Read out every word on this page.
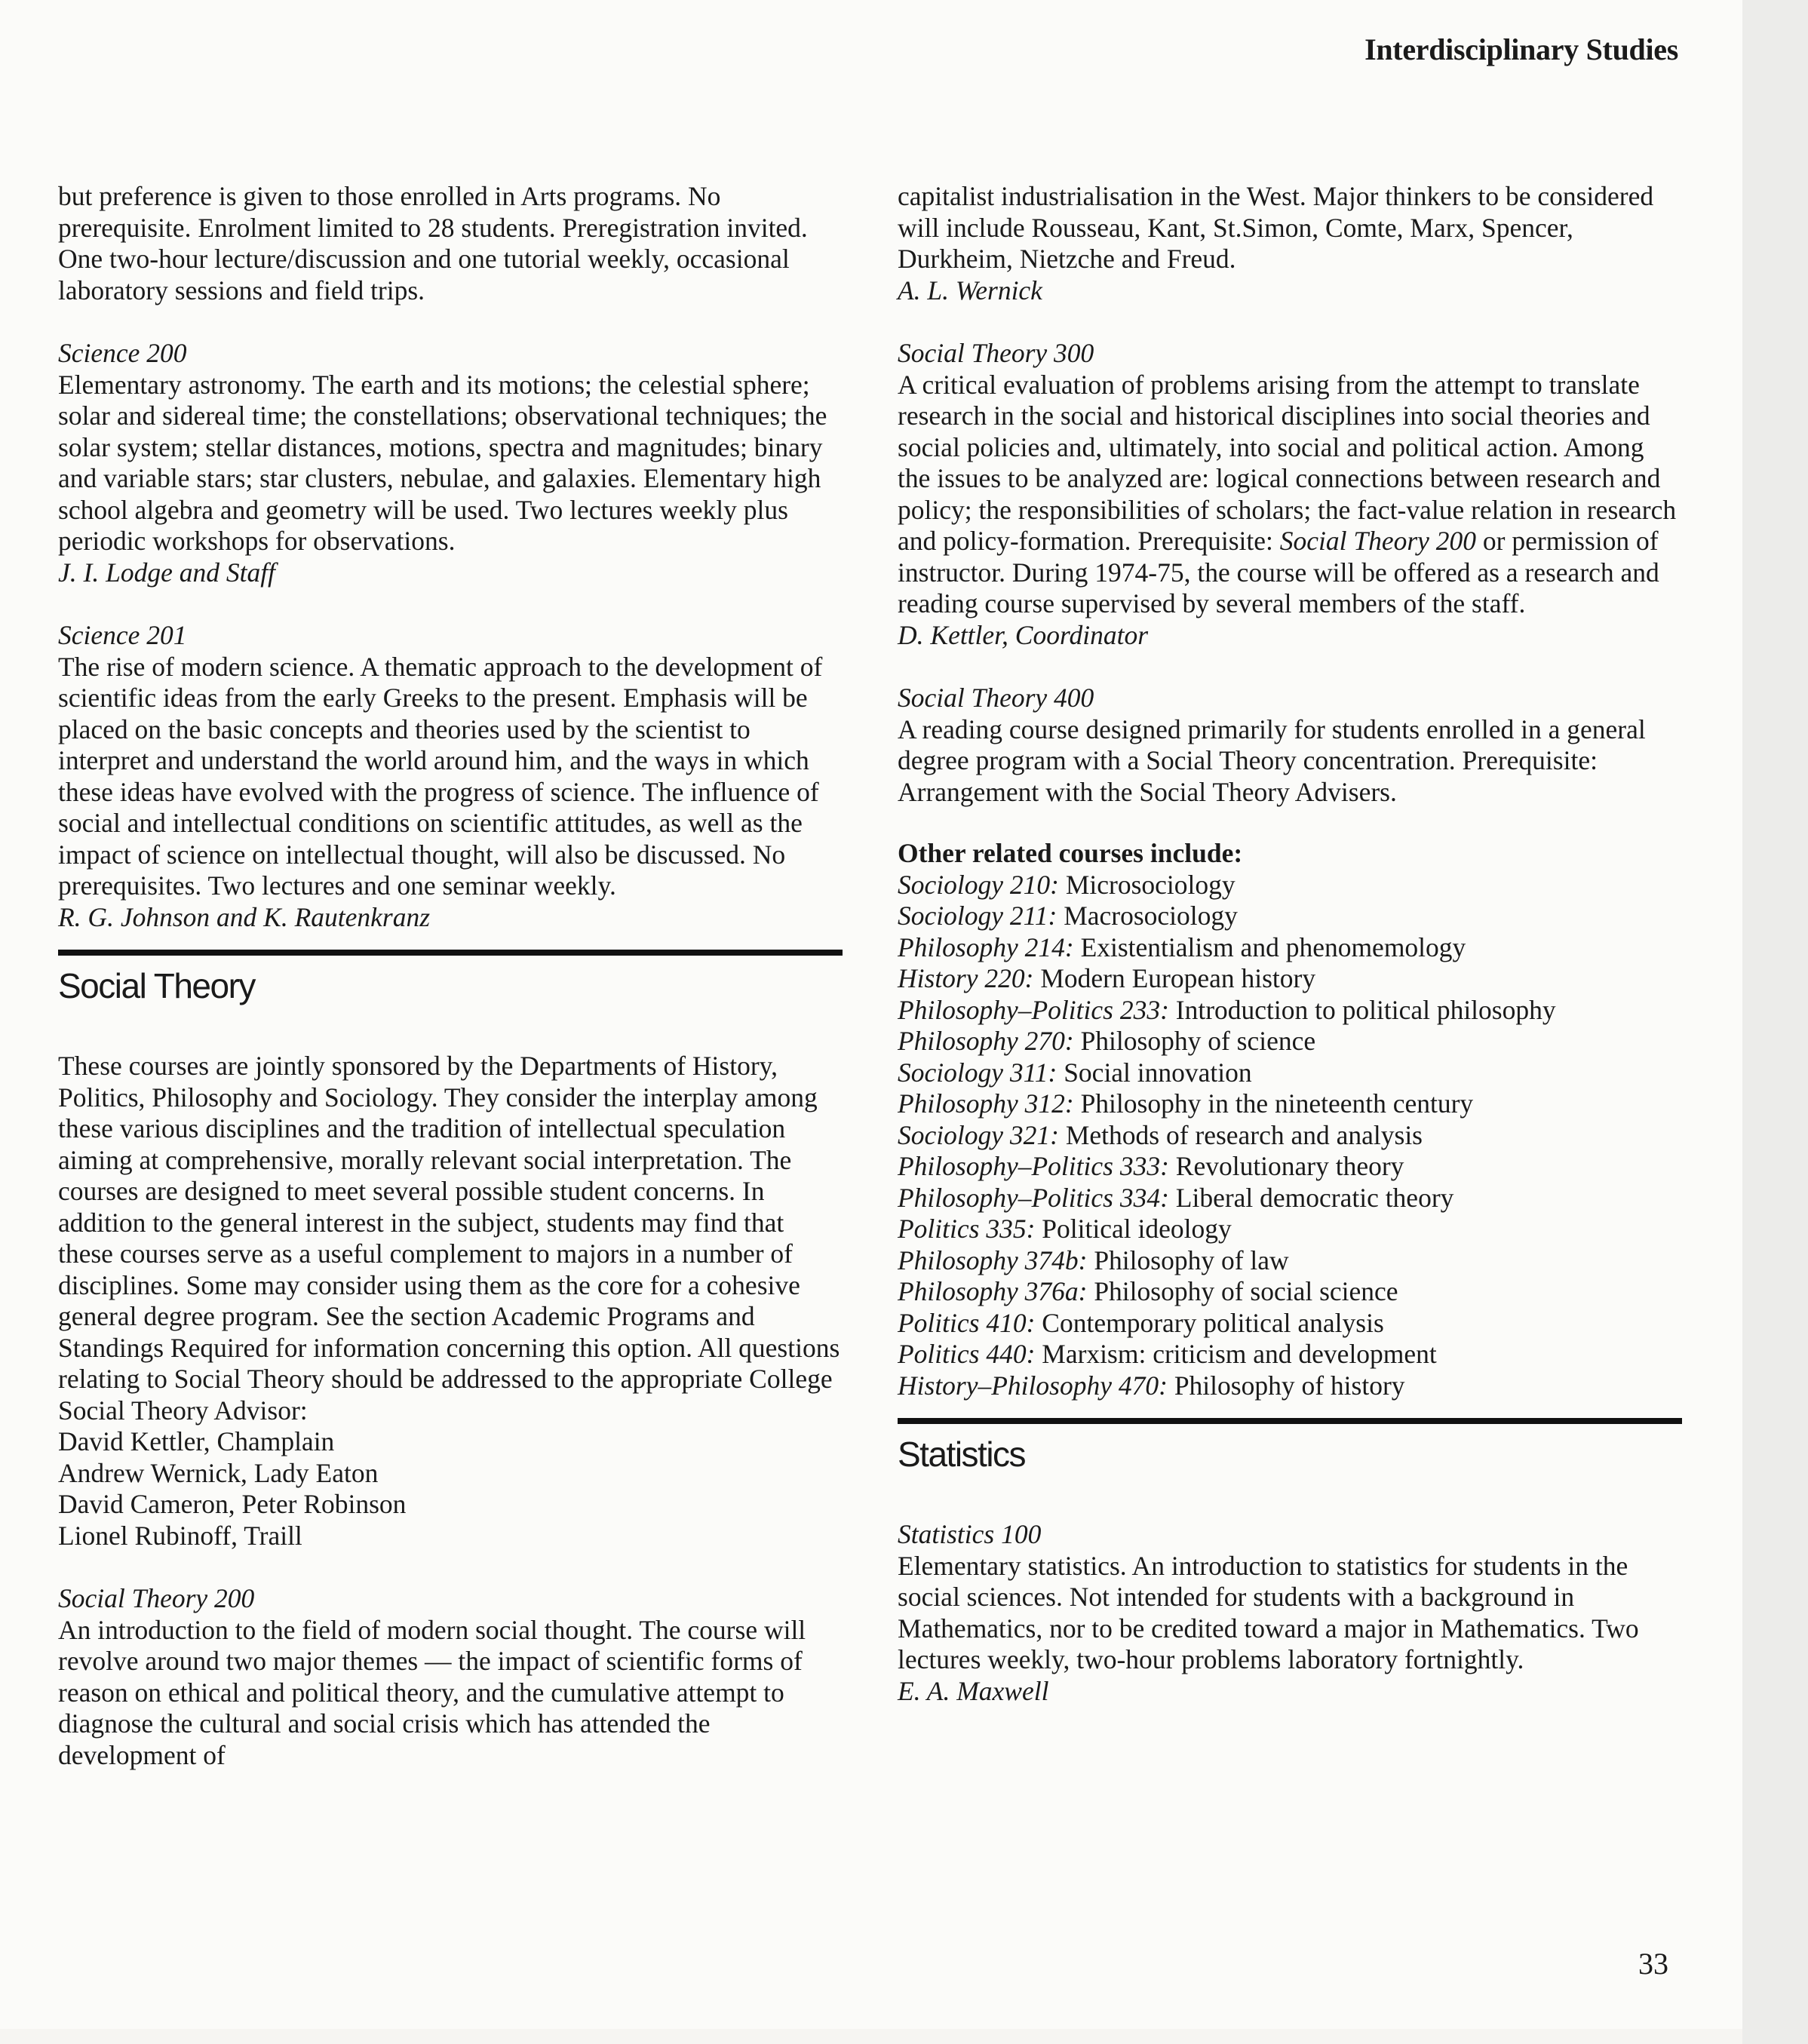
Interdisciplinary Studies

but preference is given to those enrolled in Arts programs. No prerequisite. Enrolment limited to 28 students. Preregistration invited. One two-hour lecture/discussion and one tutorial weekly, occasional laboratory sessions and field trips.

Science 200

Elementary astronomy. The earth and its motions; the celestial sphere; solar and sidereal time; the constellations; observational techniques; the solar system; stellar distances, motions, spectra and magnitudes; binary and variable stars; star clusters, nebulae, and galaxies. Elementary high school algebra and geometry will be used. Two lectures weekly plus periodic workshops for observations.

J. I. Lodge and Staff
Science 201

The rise of modern science. A thematic approach to the development of scientific ideas from the early Greeks to the present. Emphasis will be placed on the basic concepts and theories used by the scientist to interpret and understand the world around him, and the ways in which these ideas have evolved with the progress of science. The influence of social and intellectual conditions on scientific attitudes, as well as the impact of science on intellectual thought, will also be discussed. No prerequisites. Two lectures and one seminar weekly.

R. G. Johnson and K. Rautenkranz
Social Theory

These courses are jointly sponsored by the Departments of History, Politics, Philosophy and Sociology. They consider the interplay among these various disciplines and the tradition of intellectual speculation aiming at comprehensive, morally relevant social interpretation. The courses are designed to meet several possible student concerns. In addition to the general interest in the subject, students may find that these courses serve as a useful complement to majors in a number of disciplines. Some may consider using them as the core for a cohesive general degree program. See the section Academic Programs and Standings Required for information concerning this option. All questions relating to Social Theory should be addressed to the appropriate College Social Theory Advisor:

David Kettler, Champlain
Andrew Wernick, Lady Eaton
David Cameron, Peter Robinson
Lionel Rubinoff, Traill
Social Theory 200

An introduction to the field of modern social thought. The course will revolve around two major themes — the impact of scientific forms of reason on ethical and political theory, and the cumulative attempt to diagnose the cultural and social crisis which has attended the development of

capitalist industrialisation in the West. Major thinkers to be considered will include Rousseau, Kant, St.Simon, Comte, Marx, Spencer, Durkheim, Nietzche and Freud.

A. L. Wernick
Social Theory 300

A critical evaluation of problems arising from the attempt to translate research in the social and historical disciplines into social theories and social policies and, ultimately, into social and political action. Among the issues to be analyzed are: logical connections between research and policy; the responsibilities of scholars; the fact-value relation in research and policy-formation. Prerequisite: Social Theory 200 or permission of instructor. During 1974-75, the course will be offered as a research and reading course supervised by several members of the staff.

D. Kettler, Coordinator
Social Theory 400

A reading course designed primarily for students enrolled in a general degree program with a Social Theory concentration. Prerequisite: Arrangement with the Social Theory Advisers.

Other related courses include:
Sociology 210: Microsociology
Sociology 211: Macrosociology
Philosophy 214: Existentialism and phenomemology
History 220: Modern European history
Philosophy–Politics 233: Introduction to political philosophy
Philosophy 270: Philosophy of science
Sociology 311: Social innovation
Philosophy 312: Philosophy in the nineteenth century
Sociology 321: Methods of research and analysis
Philosophy–Politics 333: Revolutionary theory
Philosophy–Politics 334: Liberal democratic theory
Politics 335: Political ideology
Philosophy 374b: Philosophy of law
Philosophy 376a: Philosophy of social science
Politics 410: Contemporary political analysis
Politics 440: Marxism: criticism and development
History–Philosophy 470: Philosophy of history
Statistics
Statistics 100

Elementary statistics. An introduction to statistics for students in the social sciences. Not intended for students with a background in Mathematics, nor to be credited toward a major in Mathematics. Two lectures weekly, two-hour problems laboratory fortnightly.

E. A. Maxwell
33
